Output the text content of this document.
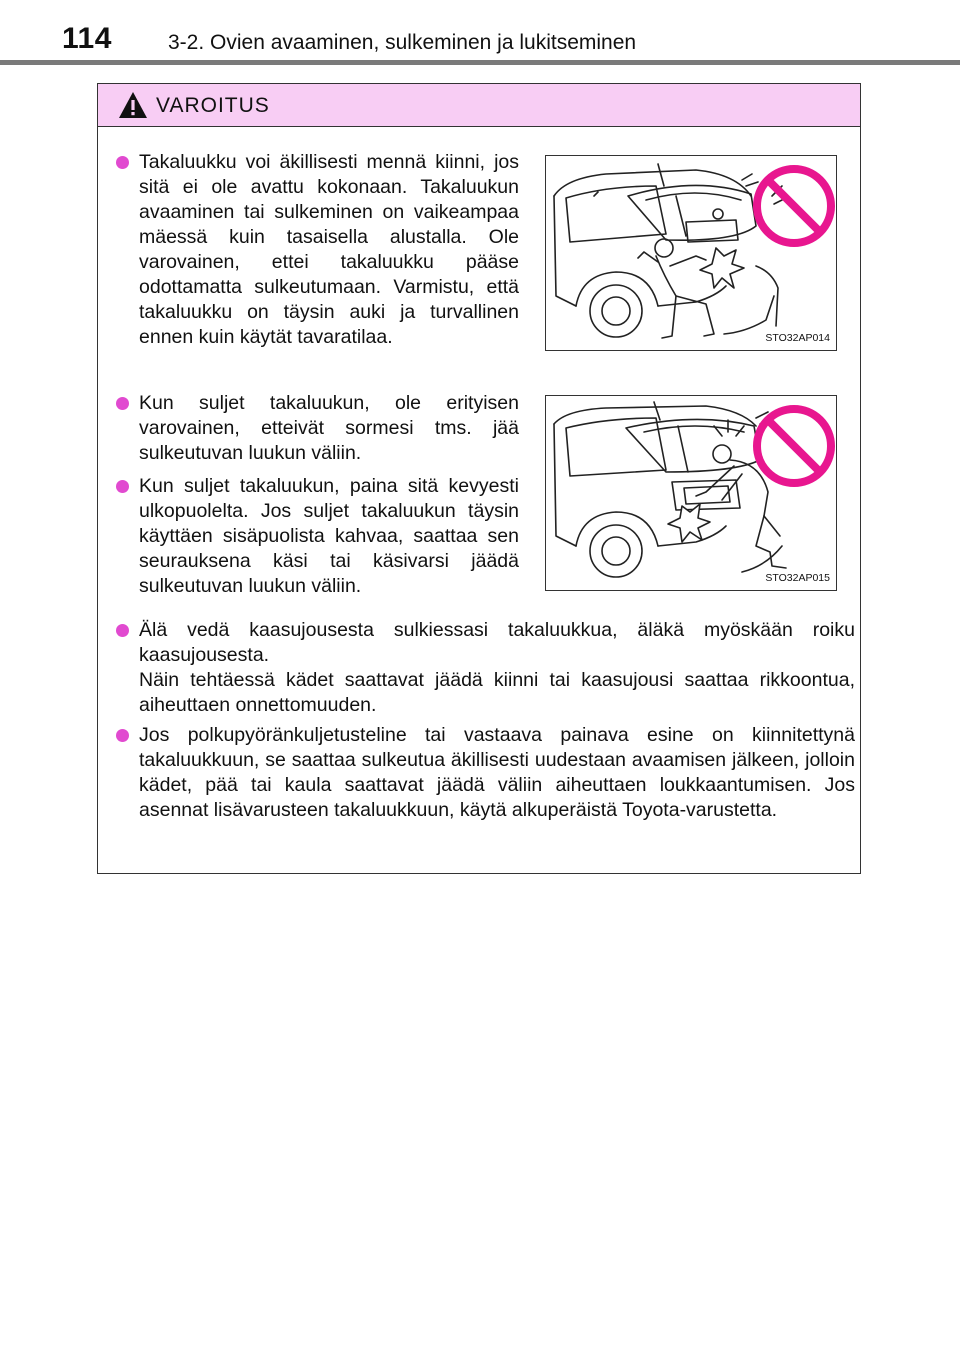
114	3-2. Ovien avaaminen, sulkeminen ja lukitseminen
VAROITUS
Takaluukku voi äkillisesti mennä kiinni, jos sitä ei ole avattu kokonaan. Takaluukun avaaminen tai sulkeminen on vaikeampaa mäessä kuin tasaisella alustalla. Ole varovainen, ettei takaluukku pääse odottamatta sulkeutumaan. Varmistu, että takaluukku on täysin auki ja turvallinen ennen kuin käytät tavaratilaa.
Kun suljet takaluukun, ole erityisen varovainen, etteivät sormesi tms. jää sulkeutuvan luukun väliin.
Kun suljet takaluukun, paina sitä kevyesti ulkopuolelta. Jos suljet takaluukun täysin käyttäen sisäpuolista kahvaa, saattaa sen seurauksena käsi tai käsivarsi jäädä sulkeutuvan luukun väliin.
Älä vedä kaasujousesta sulkiessasi takaluukkua, äläkä myöskään roiku kaasujousesta.
Näin tehtäessä kädet saattavat jäädä kiinni tai kaasujousi saattaa rikkoontua, aiheuttaen onnettomuuden.
Jos polkupyöränkuljetusteline tai vastaava painava esine on kiinnitettynä takaluukkuun, se saattaa sulkeutua äkillisesti uudestaan avaamisen jälkeen, jolloin kädet, pää tai kaula saattavat jäädä väliin aiheuttaen loukkaantumisen. Jos asennat lisävarusteen takaluukkuun, käytä alkuperäistä Toyota-varustetta.
STO32AP014
STO32AP015
